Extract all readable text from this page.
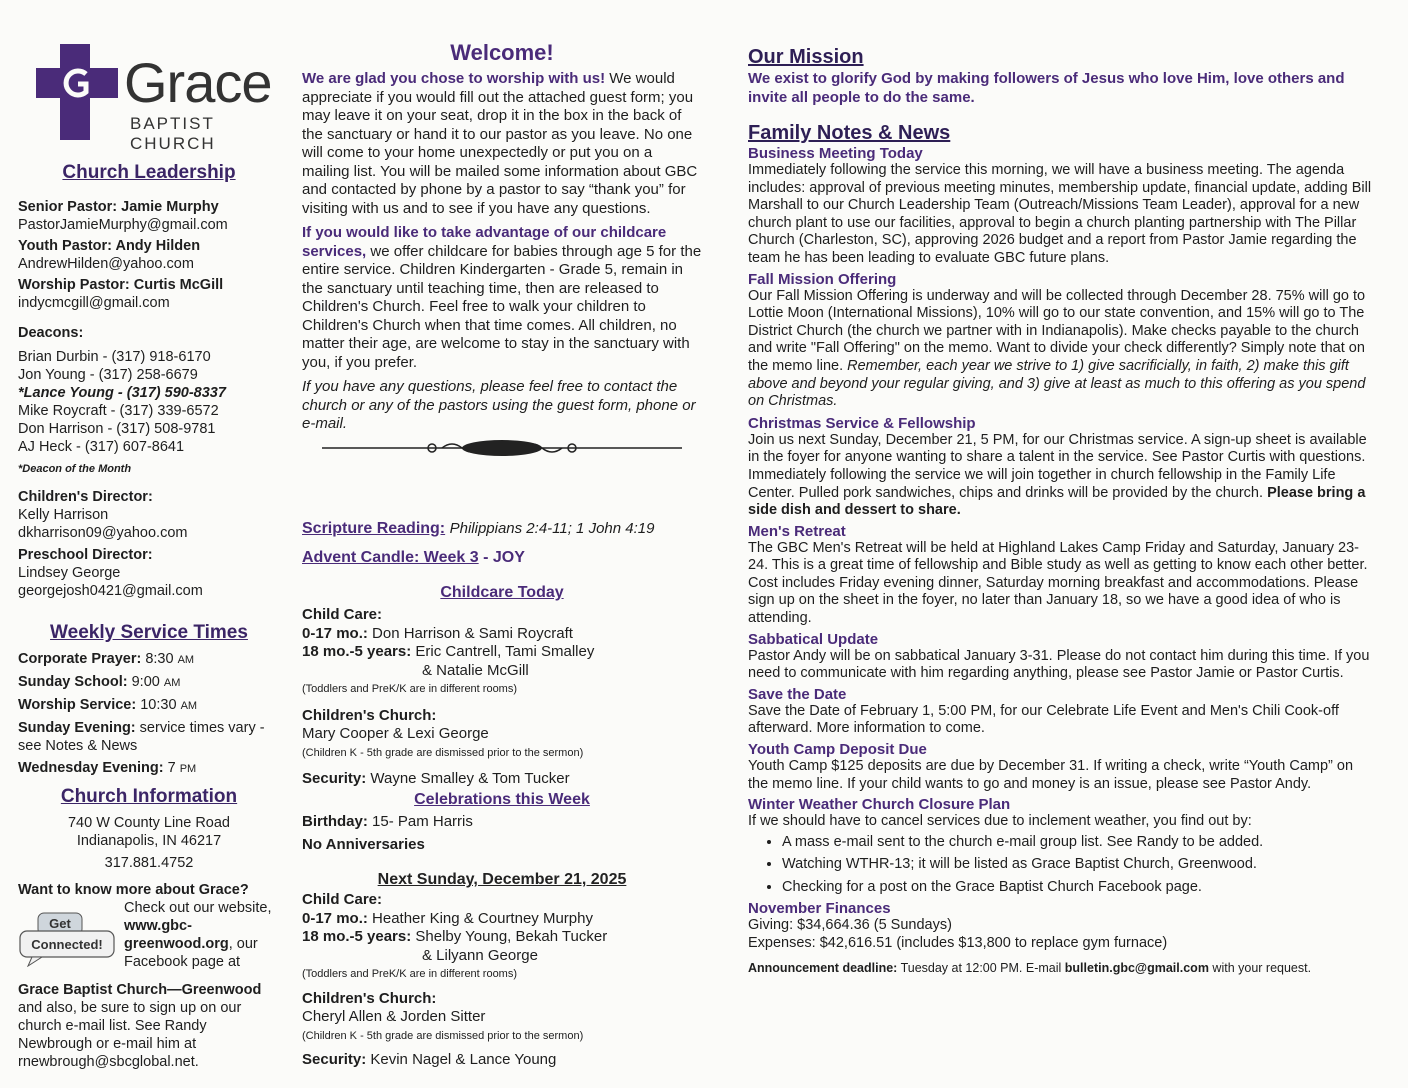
Grace
BAPTIST CHURCH
Church Leadership
Senior Pastor: Jamie Murphy
PastorJamieMurphy@gmail.com
Youth Pastor: Andy Hilden
AndrewHilden@yahoo.com
Worship Pastor: Curtis McGill
indycmcgill@gmail.com
Deacons:
Brian Durbin - (317) 918-6170
Jon Young - (317) 258-6679
*Lance Young - (317) 590-8337
Mike Roycraft - (317) 339-6572
Don Harrison - (317) 508-9781
AJ Heck - (317) 607-8641
*Deacon of the Month
Children's Director:
Kelly Harrison
dkharrison09@yahoo.com
Preschool Director:
Lindsey George
georgejosh0421@gmail.com
Weekly Service Times
Corporate Prayer: 8:30 AM
Sunday School: 9:00 AM
Worship Service: 10:30 AM
Sunday Evening: service times vary - see Notes & News
Wednesday Evening: 7 PM
Church Information
740 W County Line Road
Indianapolis, IN 46217
317.881.4752
Want to know more about Grace?
Get
Connected!
Check out our website, www.gbc-greenwood.org, our Facebook page at
Grace Baptist Church—Greenwood and also, be sure to sign up on our church e-mail list. See Randy Newbrough or e-mail him at rnewbrough@sbcglobal.net.
Welcome!

We are glad you chose to worship with us! We would appreciate if you would fill out the attached guest form; you may leave it on your seat, drop it in the box in the back of the sanctuary or hand it to our pastor as you leave. No one will come to your home unexpectedly or put you on a mailing list. You will be mailed some information about GBC and contacted by phone by a pastor to say “thank you” for visiting with us and to see if you have any questions.

If you would like to take advantage of our childcare services, we offer childcare for babies through age 5 for the entire service. Children Kindergarten - Grade 5, remain in the sanctuary until teaching time, then are released to Children's Church. Feel free to walk your children to Children's Church when that time comes. All children, no matter their age, are welcome to stay in the sanctuary with you, if you prefer.

If you have any questions, please feel free to contact the church or any of the pastors using the guest form, phone or e-mail.

Scripture Reading: Philippians 2:4-11; 1 John 4:19
Advent Candle: Week 3 - JOY
Childcare Today
Child Care:
0-17 mo.: Don Harrison & Sami Roycraft
18 mo.-5 years: Eric Cantrell, Tami Smalley
& Natalie McGill
(Toddlers and PreK/K are in different rooms)
Children's Church:
Mary Cooper & Lexi George
(Children K - 5th grade are dismissed prior to the sermon)
Security: Wayne Smalley & Tom Tucker
Celebrations this Week
Birthday: 15- Pam Harris
No Anniversaries
Next Sunday, December 21, 2025
Child Care:
0-17 mo.: Heather King & Courtney Murphy
18 mo.-5 years: Shelby Young, Bekah Tucker
& Lilyann George
(Toddlers and PreK/K are in different rooms)
Children's Church:
Cheryl Allen & Jorden Sitter
(Children K - 5th grade are dismissed prior to the sermon)
Security: Kevin Nagel & Lance Young
Our Mission
We exist to glorify God by making followers of Jesus who love Him, love others and invite all people to do the same.
Family Notes & News
Business Meeting Today

Immediately following the service this morning, we will have a business meeting. The agenda includes: approval of previous meeting minutes, membership update, financial update, adding Bill Marshall to our Church Leadership Team (Outreach/Missions Team Leader), approval for a new church plant to use our facilities, approval to begin a church planting partnership with The Pillar Church (Charleston, SC), approving 2026 budget and a report from Pastor Jamie regarding the team he has been leading to evaluate GBC future plans.

Fall Mission Offering

Our Fall Mission Offering is underway and will be collected through December 28. 75% will go to Lottie Moon (International Missions), 10% will go to our state convention, and 15% will go to The District Church (the church we partner with in Indianapolis). Make checks payable to the church and write "Fall Offering" on the memo. Want to divide your check differently? Simply note that on the memo line. Remember, each year we strive to 1) give sacrificially, in faith, 2) make this gift above and beyond your regular giving, and 3) give at least as much to this offering as you spend on Christmas.

Christmas Service & Fellowship

Join us next Sunday, December 21, 5 PM, for our Christmas service. A sign-up sheet is available in the foyer for anyone wanting to share a talent in the service. See Pastor Curtis with questions. Immediately following the service we will join together in church fellowship in the Family Life Center. Pulled pork sandwiches, chips and drinks will be provided by the church. Please bring a side dish and dessert to share.

Men's Retreat

The GBC Men's Retreat will be held at Highland Lakes Camp Friday and Saturday, January 23-24. This is a great time of fellowship and Bible study as well as getting to know each other better. Cost includes Friday evening dinner, Saturday morning breakfast and accommodations. Please sign up on the sheet in the foyer, no later than January 18, so we have a good idea of who is attending.

Sabbatical Update

Pastor Andy will be on sabbatical January 3-31. Please do not contact him during this time. If you need to communicate with him regarding anything, please see Pastor Jamie or Pastor Curtis.

Save the Date

Save the Date of February 1, 5:00 PM, for our Celebrate Life Event and Men's Chili Cook-off afterward. More information to come.

Youth Camp Deposit Due

Youth Camp $125 deposits are due by December 31. If writing a check, write “Youth Camp” on the memo line. If your child wants to go and money is an issue, please see Pastor Andy.

Winter Weather Church Closure Plan

If we should have to cancel services due to inclement weather, you find out by:

• A mass e-mail sent to the church e-mail group list. See Randy to be added.
• Watching WTHR-13; it will be listed as Grace Baptist Church, Greenwood.
• Checking for a post on the Grace Baptist Church Facebook page.
November Finances

Giving: $34,664.36 (5 Sundays)

Expenses: $42,616.51 (includes $13,800 to replace gym furnace)

Announcement deadline: Tuesday at 12:00 PM. E-mail bulletin.gbc@gmail.com with your request.
